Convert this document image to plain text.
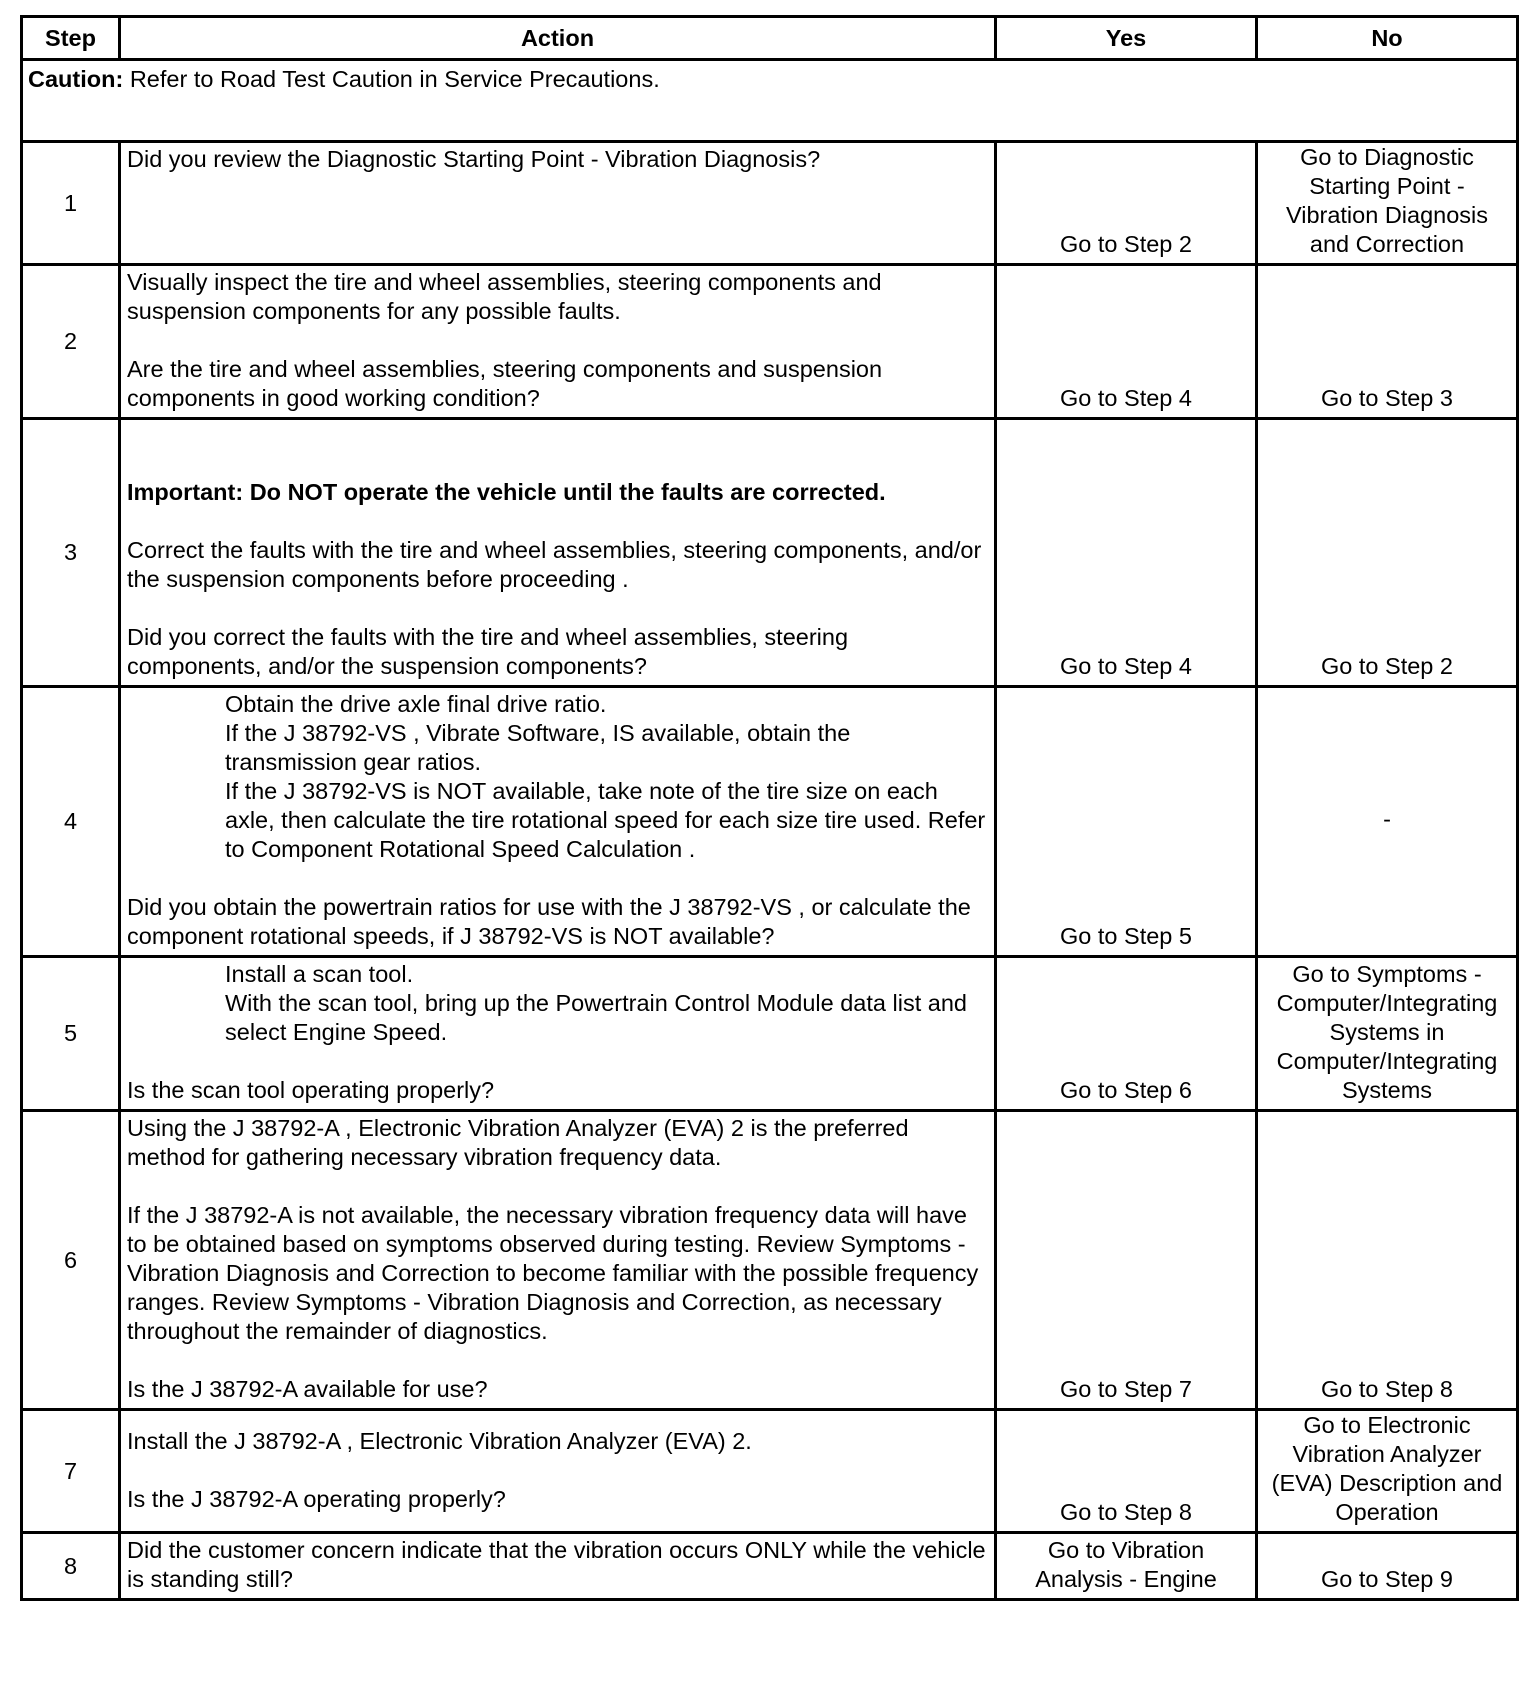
Step	Action	Yes	No
Caution: Refer to Road Test Caution in Service Precautions.			
1	Did you review the Diagnostic Starting Point - Vibration Diagnosis?	Go to Step 2	Go to Diagnostic
Starting Point -
Vibration Diagnosis
and Correction

2	Visually inspect the tire and wheel assemblies, steering components and suspension components for any possible faults.
Are the tire and wheel assemblies, steering components and suspension components in good working condition?	Go to Step 4	Go to Step 3
3	Important: Do NOT operate the vehicle until the faults are corrected.
Correct the faults with the tire and wheel assemblies, steering components, and/or the suspension components before proceeding .
Did you correct the faults with the tire and wheel assemblies, steering components, and/or the suspension components?	Go to Step 4	Go to Step 2
4	Obtain the drive axle final drive ratio.
If the J 38792-VS , Vibrate Software, IS available, obtain the transmission gear ratios.
If the J 38792-VS is NOT available, take note of the tire size on each axle, then calculate the tire rotational speed for each size tire used. Refer to Component Rotational Speed Calculation .
Did you obtain the powertrain ratios for use with the J 38792-VS , or calculate the component rotational speeds, if J 38792-VS is NOT available?	Go to Step 5	-
5	Install a scan tool.
With the scan tool, bring up the Powertrain Control Module data list and select Engine Speed.
Is the scan tool operating properly?	Go to Step 6	Go to Symptoms -
Computer/Integrating
Systems in
Computer/Integrating
Systems

6	Using the J 38792-A , Electronic Vibration Analyzer (EVA) 2 is the preferred method for gathering necessary vibration frequency data.
If the J 38792-A is not available, the necessary vibration frequency data will have to be obtained based on symptoms observed during testing. Review Symptoms - Vibration Diagnosis and Correction to become familiar with the possible frequency ranges. Review Symptoms - Vibration Diagnosis and Correction, as necessary throughout the remainder of diagnostics.
Is the J 38792-A available for use?	Go to Step 7	Go to Step 8
7	Install the J 38792-A , Electronic Vibration Analyzer (EVA) 2.
Is the J 38792-A operating properly?	Go to Step 8	Go to Electronic
Vibration Analyzer
(EVA) Description and
Operation

8	Did the customer concern indicate that the vibration occurs ONLY while the vehicle is standing still?	Go to Vibration
Analysis - Engine	Go to Step 9
